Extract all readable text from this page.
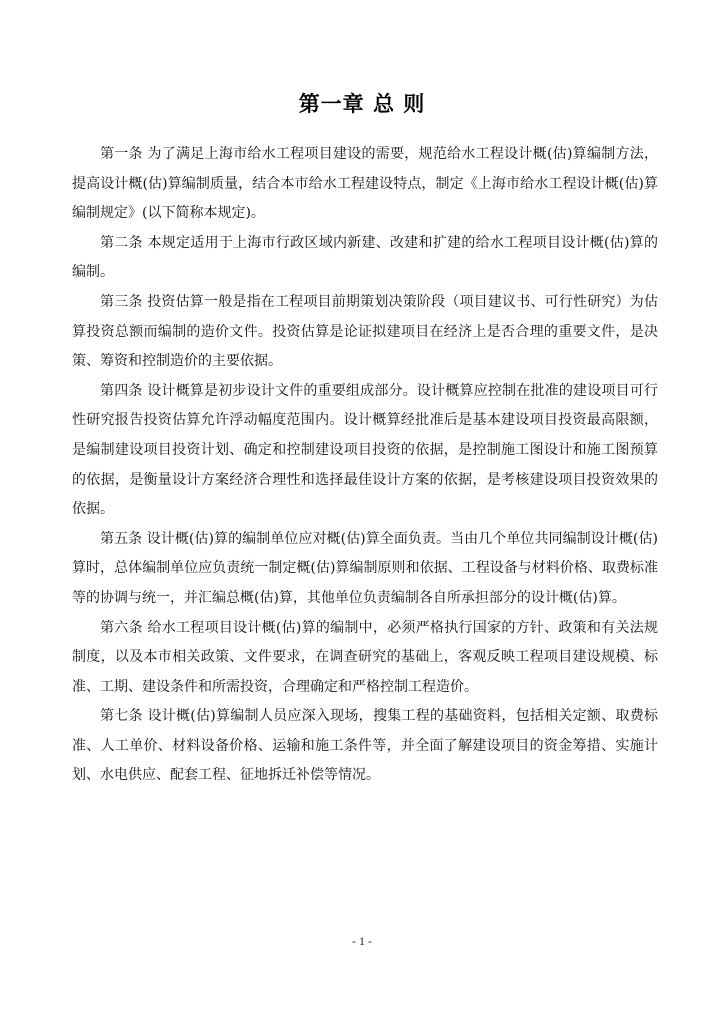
第一章 总 则

第一条 为了满足上海市给水工程项目建设的需要，规范给水工程设计概(估)算编制方法，提高设计概(估)算编制质量，结合本市给水工程建设特点，制定《上海市给水工程设计概(估)算编制规定》(以下简称本规定)。

第二条 本规定适用于上海市行政区域内新建、改建和扩建的给水工程项目设计概(估)算的编制。

第三条 投资估算一般是指在工程项目前期策划决策阶段（项目建议书、可行性研究）为估算投资总额而编制的造价文件。投资估算是论证拟建项目在经济上是否合理的重要文件，是决策、筹资和控制造价的主要依据。

第四条 设计概算是初步设计文件的重要组成部分。设计概算应控制在批准的建设项目可行性研究报告投资估算允许浮动幅度范围内。设计概算经批准后是基本建设项目投资最高限额，是编制建设项目投资计划、确定和控制建设项目投资的依据，是控制施工图设计和施工图预算的依据，是衡量设计方案经济合理性和选择最佳设计方案的依据，是考核建设项目投资效果的依据。

第五条 设计概(估)算的编制单位应对概(估)算全面负责。当由几个单位共同编制设计概(估)算时，总体编制单位应负责统一制定概(估)算编制原则和依据、工程设备与材料价格、取费标准等的协调与统一，并汇编总概(估)算，其他单位负责编制各自所承担部分的设计概(估)算。

第六条 给水工程项目设计概(估)算的编制中，必须严格执行国家的方针、政策和有关法规制度，以及本市相关政策、文件要求，在调查研究的基础上，客观反映工程项目建设规模、标准、工期、建设条件和所需投资，合理确定和严格控制工程造价。

第七条 设计概(估)算编制人员应深入现场，搜集工程的基础资料，包括相关定额、取费标准、人工单价、材料设备价格、运输和施工条件等，并全面了解建设项目的资金筹措、实施计划、水电供应、配套工程、征地拆迁补偿等情况。

- 1 -
